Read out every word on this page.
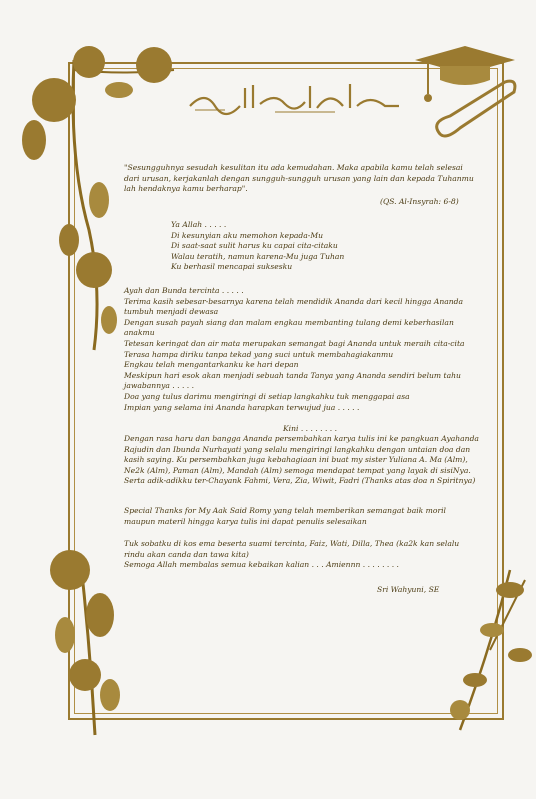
"Sesungguhnya sesudah kesulitan itu ada kemudahan. Maka apabila kamu telah selesai dari urusan, kerjakanlah dengan sungguh-sungguh urusan yang lain dan kepada Tuhanmu lah hendaknya kamu berharap".
(QS. Al-Insyrah: 6-8)
Ya Allah . . . . .
Di kesunyian aku memohon kepada-Mu
Di saat-saat sulit harus ku capai cita-citaku
Walau teratih, namun karena-Mu juga Tuhan
Ku berhasil mencapai suksesku
Ayah dan Bunda tercinta . . . . .
Terima kasih sebesar-besarnya karena telah mendidik Ananda dari kecil hingga Ananda tumbuh menjadi dewasa
Dengan susah payah siang dan malam engkau membanting tulang demi keberhasilan anakmu
Tetesan keringat dan air mata merupakan semangat bagi Ananda untuk meraih cita-cita
Terasa hampa diriku tanpa tekad yang suci untuk membahagiakanmu
Engkau telah mengantarkanku ke hari depan
Meskipun hari esok akan menjadi sebuah tanda Tanya yang Ananda sendiri belum tahu jawabannya . . . . .
Doa yang tulus darimu mengiringi di setiap langkahku tuk menggapai asa
Impian yang selama ini Ananda harapkan terwujud jua . . . . .
Kini . . . . . . . .
Dengan rasa haru dan bangga Ananda persembahkan karya tulis ini ke pangkuan Ayahanda Rajudin dan Ibunda Nurhayati yang selalu mengiringi langkahku dengan untaian doa dan kasih saying. Ku persembahkan juga kebahagiaan ini buat my sister Yuliana A. Ma (Alm), Ne2k (Alm), Paman (Alm), Mandah (Alm) semoga mendapat tempat yang layak di sisiNya.
Serta adik-adikku ter-Chayank Fahmi, Vera, Zia, Wiwit, Fadri (Thanks atas doa n Spiritnya)
Special Thanks for My Aak Said Romy yang telah memberikan semangat baik moril maupun materil hingga karya tulis ini dapat penulis selesaikan
Tuk sobatku di kos ema beserta suami tercinta, Faiz, Wati, Dilla, Thea (ka2k kan selalu rindu akan canda dan tawa kita)
Semoga Allah membalas semua kebaikan kalian . . . Amiennn . . . . . . . .
Sri Wahyuni, SE
